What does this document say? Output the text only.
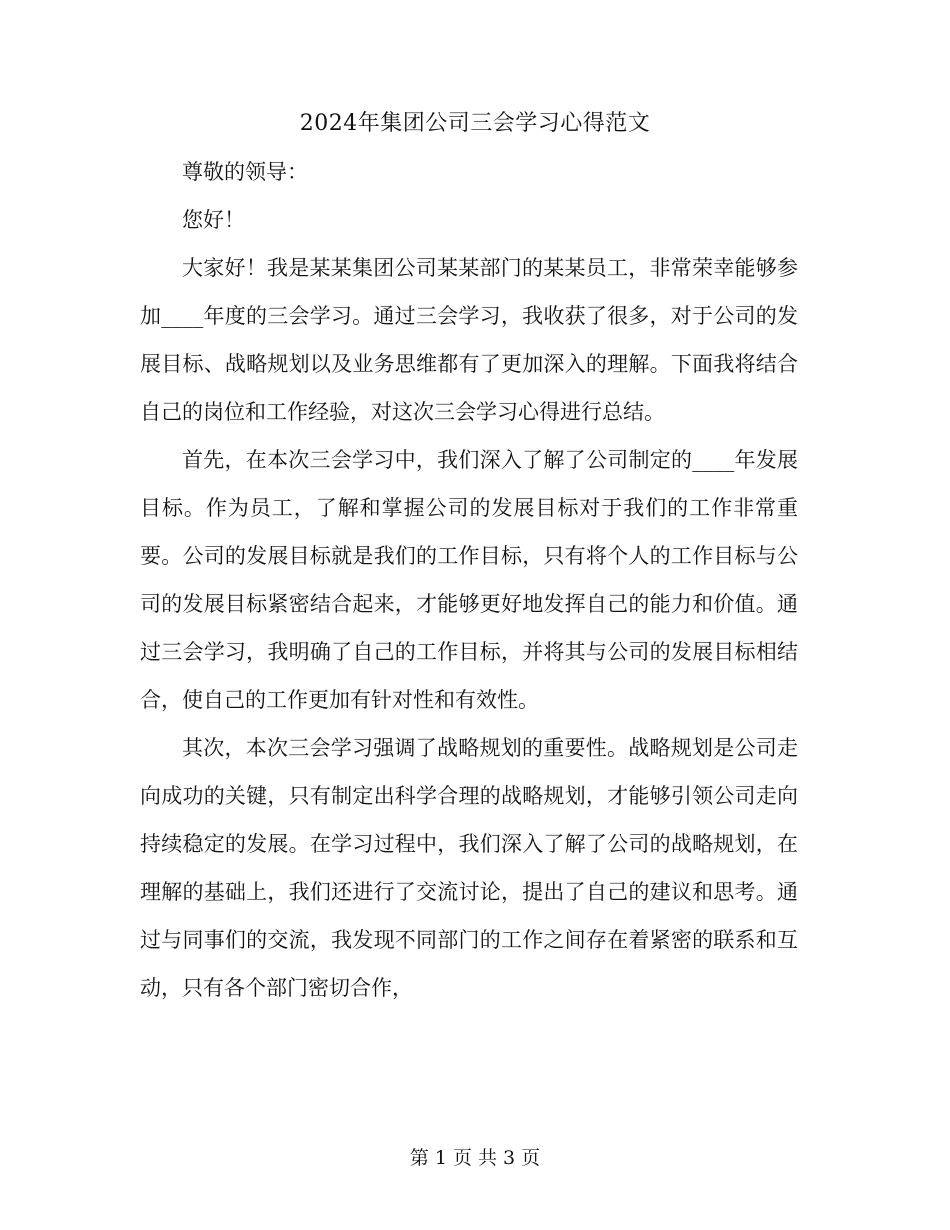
2024年集团公司三会学习心得范文

尊敬的领导：

您好！

大家好！我是某某集团公司某某部门的某某员工，非常荣幸能够参加____年度的三会学习。通过三会学习，我收获了很多，对于公司的发展目标、战略规划以及业务思维都有了更加深入的理解。下面我将结合自己的岗位和工作经验，对这次三会学习心得进行总结。

首先，在本次三会学习中，我们深入了解了公司制定的____年发展目标。作为员工，了解和掌握公司的发展目标对于我们的工作非常重要。公司的发展目标就是我们的工作目标，只有将个人的工作目标与公司的发展目标紧密结合起来，才能够更好地发挥自己的能力和价值。通过三会学习，我明确了自己的工作目标，并将其与公司的发展目标相结合，使自己的工作更加有针对性和有效性。

其次，本次三会学习强调了战略规划的重要性。战略规划是公司走向成功的关键，只有制定出科学合理的战略规划，才能够引领公司走向持续稳定的发展。在学习过程中，我们深入了解了公司的战略规划，在理解的基础上，我们还进行了交流讨论，提出了自己的建议和思考。通过与同事们的交流，我发现不同部门的工作之间存在着紧密的联系和互动，只有各个部门密切合作，

第 1 页 共 3 页
